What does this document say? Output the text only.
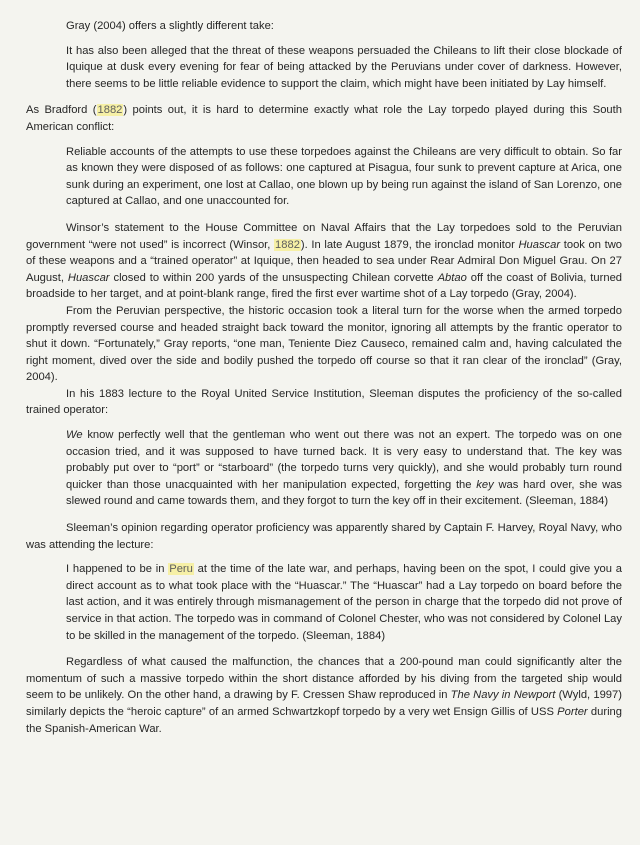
Gray (2004) offers a slightly different take:

It has also been alleged that the threat of these weapons persuaded the Chileans to lift their close blockade of Iquique at dusk every evening for fear of being attacked by the Peruvians under cover of darkness. However, there seems to be little reliable evidence to support the claim, which might have been initiated by Lay himself.

As Bradford (1882) points out, it is hard to determine exactly what role the Lay torpedo played during this South American conflict:

Reliable accounts of the attempts to use these torpedoes against the Chileans are very difficult to obtain. So far as known they were disposed of as follows: one captured at Pisagua, four sunk to prevent capture at Arica, one sunk during an experiment, one lost at Callao, one blown up by being run against the island of San Lorenzo, one captured at Callao, and one unaccounted for.

Winsor’s statement to the House Committee on Naval Affairs that the Lay torpedoes sold to the Peruvian government “were not used” is incorrect (Winsor, 1882). In late August 1879, the ironclad monitor Huascar took on two of these weapons and a “trained operator” at Iquique, then headed to sea under Rear Admiral Don Miguel Grau. On 27 August, Huascar closed to within 200 yards of the unsuspecting Chilean corvette Abtao off the coast of Bolivia, turned broadside to her target, and at point-blank range, fired the first ever wartime shot of a Lay torpedo (Gray, 2004).

From the Peruvian perspective, the historic occasion took a literal turn for the worse when the armed torpedo promptly reversed course and headed straight back toward the monitor, ignoring all attempts by the frantic operator to shut it down. “Fortunately,” Gray reports, “one man, Teniente Diez Causeco, remained calm and, having calculated the right moment, dived over the side and bodily pushed the torpedo off course so that it ran clear of the ironclad” (Gray, 2004).

In his 1883 lecture to the Royal United Service Institution, Sleeman disputes the proficiency of the so-called trained operator:

We know perfectly well that the gentleman who went out there was not an expert. The torpedo was on one occasion tried, and it was supposed to have turned back. It is very easy to understand that. The key was probably put over to “port” or “starboard” (the torpedo turns very quickly), and she would probably turn round quicker than those unacquainted with her manipulation expected, forgetting the key was hard over, she was slewed round and came towards them, and they forgot to turn the key off in their excitement. (Sleeman, 1884)

Sleeman’s opinion regarding operator proficiency was apparently shared by Captain F. Harvey, Royal Navy, who was attending the lecture:

I happened to be in Peru at the time of the late war, and perhaps, having been on the spot, I could give you a direct account as to what took place with the “Huascar.” The “Huascar” had a Lay torpedo on board before the last action, and it was entirely through mismanagement of the person in charge that the torpedo did not prove of service in that action. The torpedo was in command of Colonel Chester, who was not considered by Colonel Lay to be skilled in the management of the torpedo. (Sleeman, 1884)

Regardless of what caused the malfunction, the chances that a 200-pound man could significantly alter the momentum of such a massive torpedo within the short distance afforded by his diving from the targeted ship would seem to be unlikely. On the other hand, a drawing by F. Cressen Shaw reproduced in The Navy in Newport (Wyld, 1997) similarly depicts the “heroic capture” of an armed Schwartzkopf torpedo by a very wet Ensign Gillis of USS Porter during the Spanish-American War.
